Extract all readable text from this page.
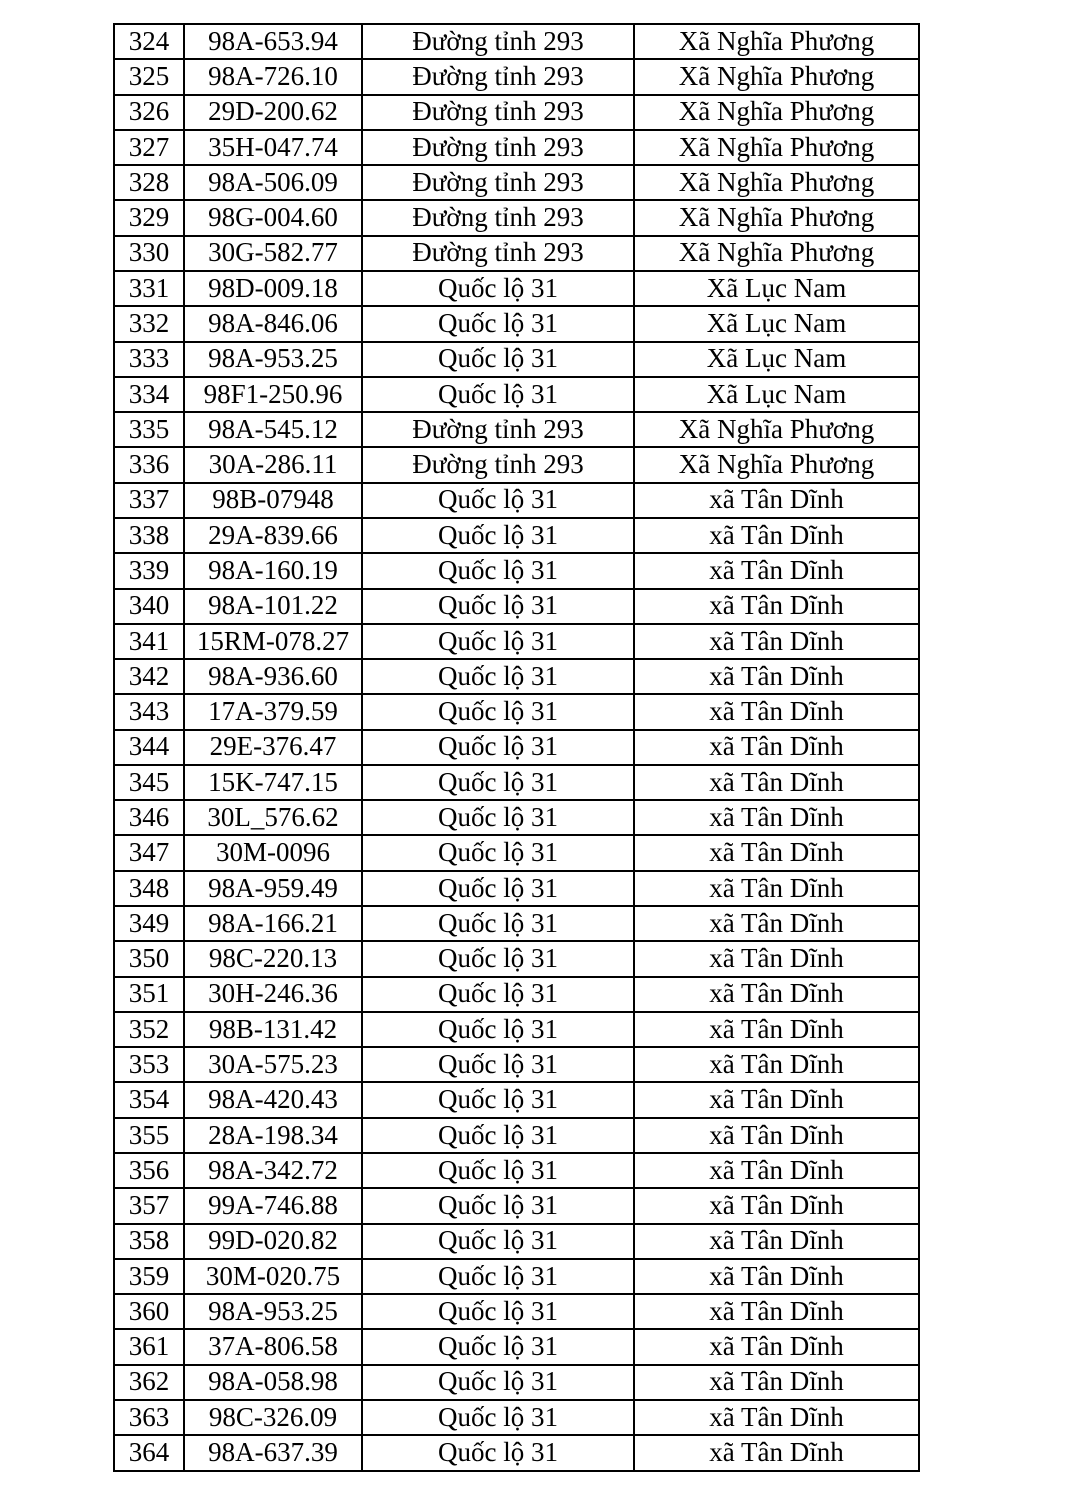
324	98A-653.94	Đường tỉnh 293	Xã Nghĩa Phương
325	98A-726.10	Đường tỉnh 293	Xã Nghĩa Phương
326	29D-200.62	Đường tỉnh 293	Xã Nghĩa Phương
327	35H-047.74	Đường tỉnh 293	Xã Nghĩa Phương
328	98A-506.09	Đường tỉnh 293	Xã Nghĩa Phương
329	98G-004.60	Đường tỉnh 293	Xã Nghĩa Phương
330	30G-582.77	Đường tỉnh 293	Xã Nghĩa Phương
331	98D-009.18	Quốc lộ 31	Xã Lục Nam
332	98A-846.06	Quốc lộ 31	Xã Lục Nam
333	98A-953.25	Quốc lộ 31	Xã Lục Nam
334	98F1-250.96	Quốc lộ 31	Xã Lục Nam
335	98A-545.12	Đường tỉnh 293	Xã Nghĩa Phương
336	30A-286.11	Đường tỉnh 293	Xã Nghĩa Phương
337	98B-07948	Quốc lộ 31	xã Tân Dĩnh
338	29A-839.66	Quốc lộ 31	xã Tân Dĩnh
339	98A-160.19	Quốc lộ 31	xã Tân Dĩnh
340	98A-101.22	Quốc lộ 31	xã Tân Dĩnh
341	15RM-078.27	Quốc lộ 31	xã Tân Dĩnh
342	98A-936.60	Quốc lộ 31	xã Tân Dĩnh
343	17A-379.59	Quốc lộ 31	xã Tân Dĩnh
344	29E-376.47	Quốc lộ 31	xã Tân Dĩnh
345	15K-747.15	Quốc lộ 31	xã Tân Dĩnh
346	30L_576.62	Quốc lộ 31	xã Tân Dĩnh
347	30M-0096	Quốc lộ 31	xã Tân Dĩnh
348	98A-959.49	Quốc lộ 31	xã Tân Dĩnh
349	98A-166.21	Quốc lộ 31	xã Tân Dĩnh
350	98C-220.13	Quốc lộ 31	xã Tân Dĩnh
351	30H-246.36	Quốc lộ 31	xã Tân Dĩnh
352	98B-131.42	Quốc lộ 31	xã Tân Dĩnh
353	30A-575.23	Quốc lộ 31	xã Tân Dĩnh
354	98A-420.43	Quốc lộ 31	xã Tân Dĩnh
355	28A-198.34	Quốc lộ 31	xã Tân Dĩnh
356	98A-342.72	Quốc lộ 31	xã Tân Dĩnh
357	99A-746.88	Quốc lộ 31	xã Tân Dĩnh
358	99D-020.82	Quốc lộ 31	xã Tân Dĩnh
359	30M-020.75	Quốc lộ 31	xã Tân Dĩnh
360	98A-953.25	Quốc lộ 31	xã Tân Dĩnh
361	37A-806.58	Quốc lộ 31	xã Tân Dĩnh
362	98A-058.98	Quốc lộ 31	xã Tân Dĩnh
363	98C-326.09	Quốc lộ 31	xã Tân Dĩnh
364	98A-637.39	Quốc lộ 31	xã Tân Dĩnh
